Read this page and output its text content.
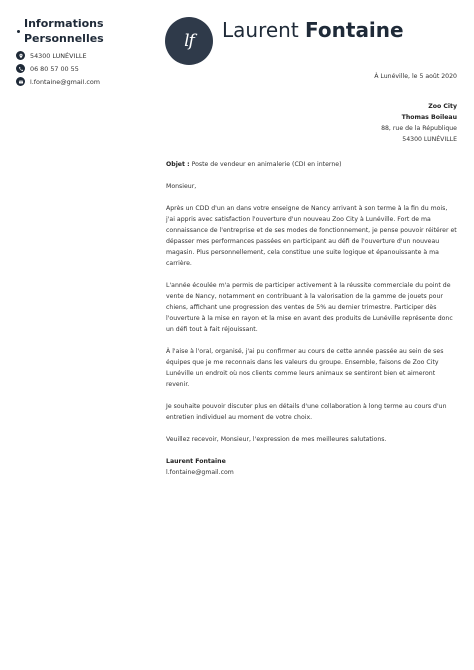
Informations Personnelles
54300 LUNÉVILLE
06 80 57 00 55
l.fontaine@gmail.com
lf	Laurent Fontaine
À Lunéville, le 5 août 2020
Zoo City
Thomas Boileau
88, rue de la République
54300 LUNÉVILLE

Objet : Poste de vendeur en animalerie (CDI en interne)

Monsieur,

Après un CDD d'un an dans votre enseigne de Nancy arrivant à son terme à la fin du mois, j'ai appris avec satisfaction l'ouverture d'un nouveau Zoo City à Lunéville. Fort de ma connaissance de l'entreprise et de ses modes de fonctionnement, je pense pouvoir réitérer et dépasser mes performances passées en participant au défi de l'ouverture d'un nouveau magasin. Plus personnellement, cela constitue une suite logique et épanouissante à ma carrière.

L'année écoulée m'a permis de participer activement à la réussite commerciale du point de vente de Nancy, notamment en contribuant à la valorisation de la gamme de jouets pour chiens, affichant une progression des ventes de 5% au dernier trimestre. Participer dès l'ouverture à la mise en rayon et la mise en avant des produits de Lunéville représente donc un défi tout à fait réjouissant.

À l'aise à l'oral, organisé, j'ai pu confirmer au cours de cette année passée au sein de ses équipes que je me reconnais dans les valeurs du groupe. Ensemble, faisons de Zoo City Lunéville un endroit où nos clients comme leurs animaux se sentiront bien et aimeront revenir.

Je souhaite pouvoir discuter plus en détails d'une collaboration à long terme au cours d'un entretien individuel au moment de votre choix.

Veuillez recevoir, Monsieur, l'expression de mes meilleures salutations.

Laurent Fontaine
l.fontaine@gmail.com
